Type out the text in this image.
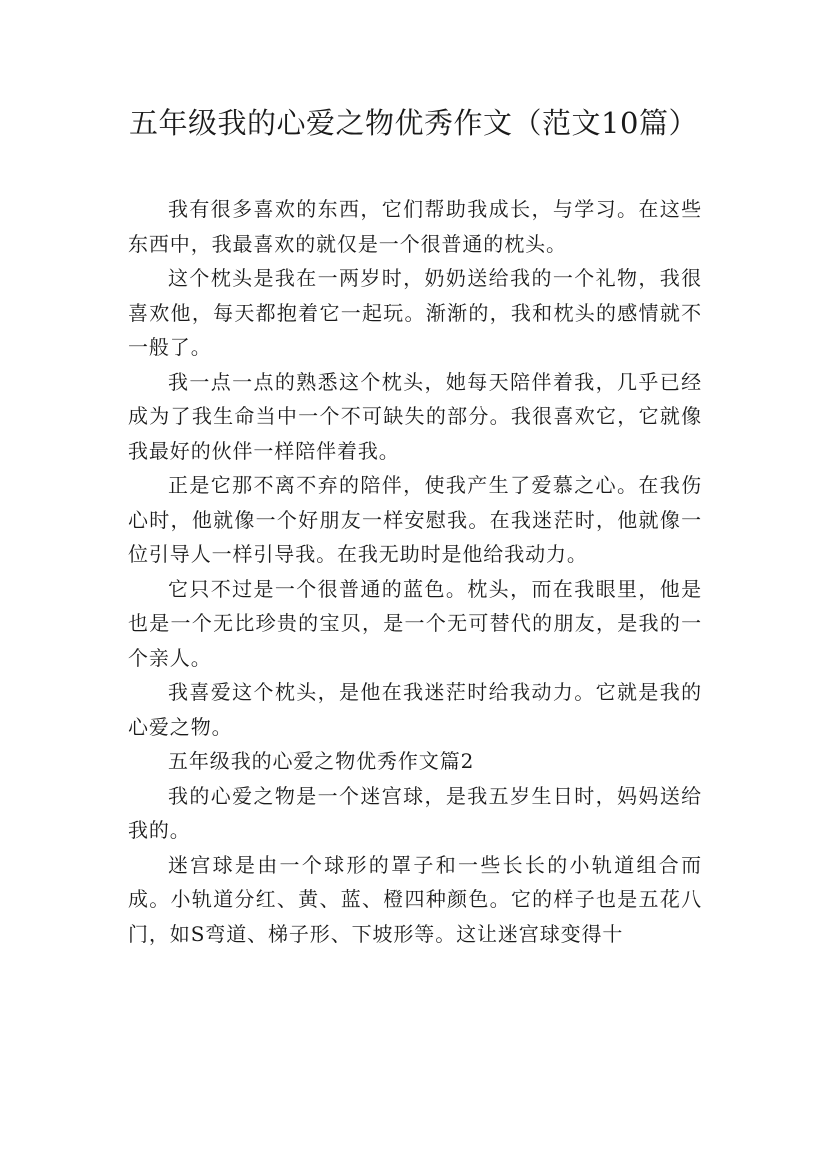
五年级我的心爱之物优秀作文（范文10篇）

我有很多喜欢的东西，它们帮助我成长，与学习。在这些东西中，我最喜欢的就仅是一个很普通的枕头。

这个枕头是我在一两岁时，奶奶送给我的一个礼物，我很喜欢他，每天都抱着它一起玩。渐渐的，我和枕头的感情就不一般了。

我一点一点的熟悉这个枕头，她每天陪伴着我，几乎已经成为了我生命当中一个不可缺失的部分。我很喜欢它，它就像我最好的伙伴一样陪伴着我。

正是它那不离不弃的陪伴，使我产生了爱慕之心。在我伤心时，他就像一个好朋友一样安慰我。在我迷茫时，他就像一位引导人一样引导我。在我无助时是他给我动力。

它只不过是一个很普通的蓝色。枕头，而在我眼里，他是也是一个无比珍贵的宝贝，是一个无可替代的朋友，是我的一个亲人。

我喜爱这个枕头，是他在我迷茫时给我动力。它就是我的心爱之物。

五年级我的心爱之物优秀作文篇2

我的心爱之物是一个迷宫球，是我五岁生日时，妈妈送给我的。

迷宫球是由一个球形的罩子和一些长长的小轨道组合而成。小轨道分红、黄、蓝、橙四种颜色。它的样子也是五花八门，如S弯道、梯子形、下坡形等。这让迷宫球变得十
